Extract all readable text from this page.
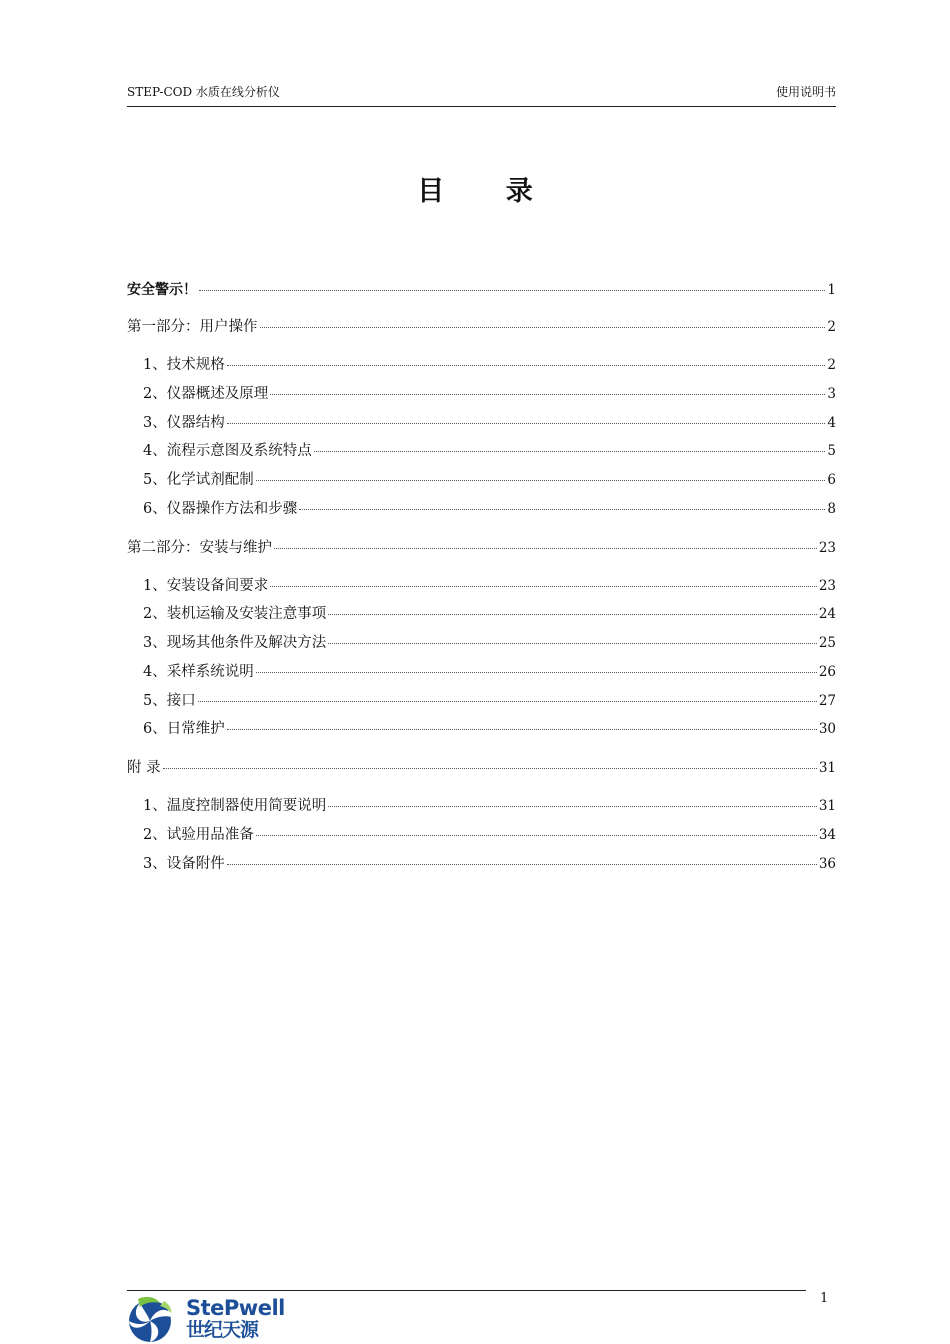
STEP-COD 水质在线分析仪	使用说明书
目 录
安全警示！	1
第一部分：用户操作	2
1、技术规格	2
2、仪器概述及原理	3
3、仪器结构	4
4、流程示意图及系统特点	5
5、化学试剂配制	6
6、仪器操作方法和步骤	8
第二部分：安装与维护	23
1、安装设备间要求	23
2、装机运输及安装注意事项	24
3、现场其他条件及解决方法	25
4、采样系统说明	26
5、接口	27
6、日常维护	30
附 录	31
1、温度控制器使用简要说明	31
2、试验用品准备	34
3、设备附件	36
1
StePwell
世纪天源
